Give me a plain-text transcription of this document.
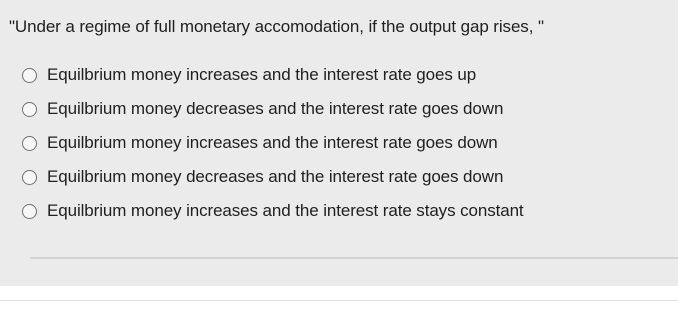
"Under a regime of full monetary accomodation, if the output gap rises, "
Equilbrium money increases and the interest rate goes up
Equilbrium money decreases and the interest rate goes down
Equilbrium money increases and the interest rate goes down
Equilbrium money decreases and the interest rate goes down
Equilbrium money increases and the interest rate stays constant
